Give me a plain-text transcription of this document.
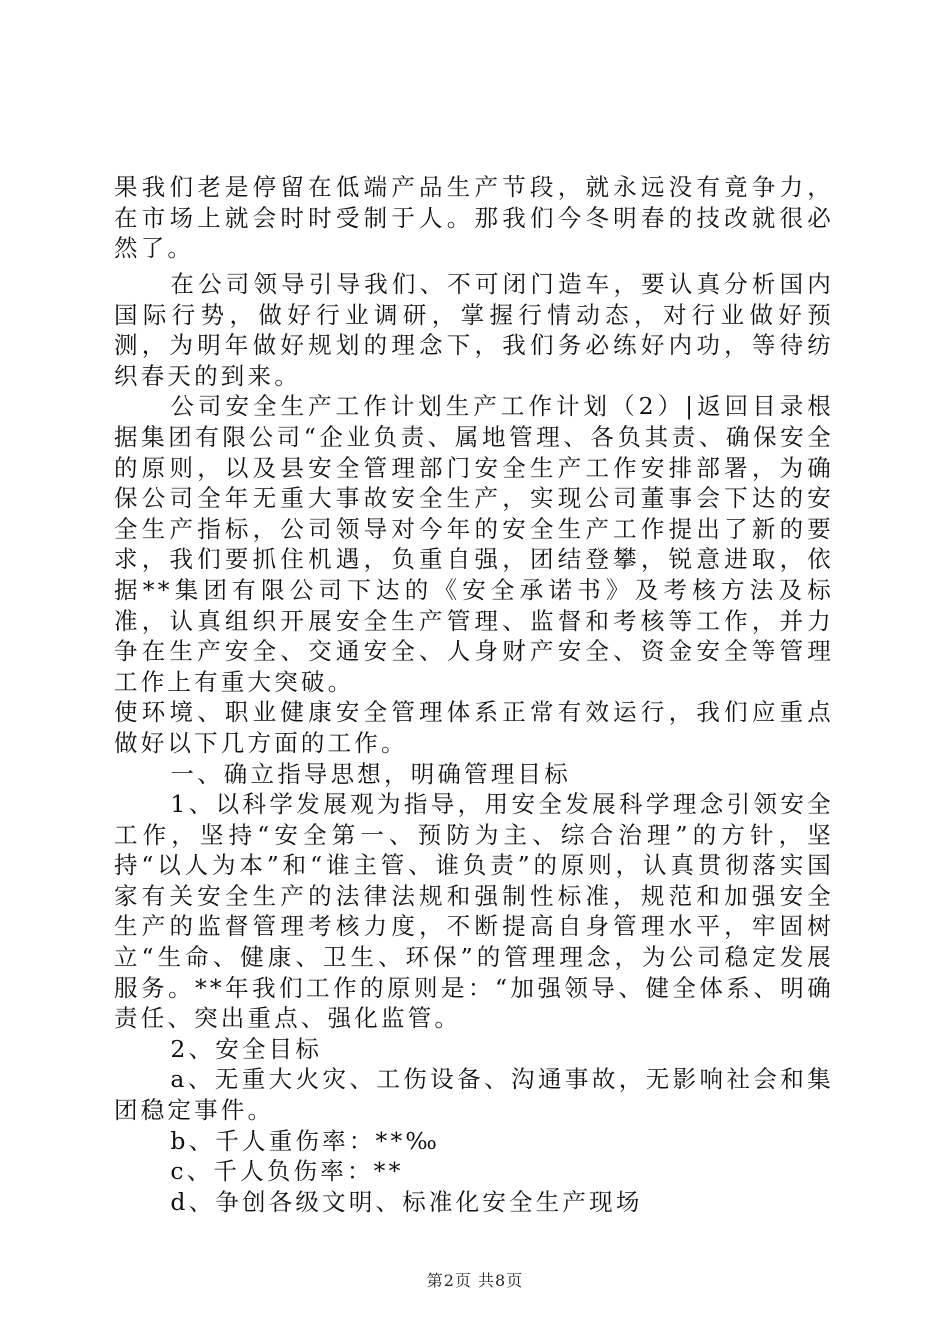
果我们老是停留在低端产品生产节段，就永远没有竟争力，在市场上就会时时受制于人。那我们今冬明春的技改就很必然了。

在公司领导引导我们、不可闭门造车，要认真分析国内国际行势，做好行业调研，掌握行情动态，对行业做好预测，为明年做好规划的理念下，我们务必练好内功，等待纺织春天的到来。

公司安全生产工作计划生产工作计划（2）|返回目录根据集团有限公司“企业负责、属地管理、各负其责、确保安全的原则，以及县安全管理部门安全生产工作安排部署，为确保公司全年无重大事故安全生产，实现公司董事会下达的安全生产指标，公司领导对今年的安全生产工作提出了新的要求，我们要抓住机遇，负重自强，团结登攀，锐意进取，依据**集团有限公司下达的《安全承诺书》及考核方法及标准，认真组织开展安全生产管理、监督和考核等工作，并力争在生产安全、交通安全、人身财产安全、资金安全等管理工作上有重大突破。

使环境、职业健康安全管理体系正常有效运行，我们应重点做好以下几方面的工作。

一、确立指导思想，明确管理目标

1、以科学发展观为指导，用安全发展科学理念引领安全工作，坚持“安全第一、预防为主、综合治理”的方针，坚持“以人为本”和“谁主管、谁负责”的原则，认真贯彻落实国家有关安全生产的法律法规和强制性标准，规范和加强安全生产的监督管理考核力度，不断提高自身管理水平，牢固树立“生命、健康、卫生、环保”的管理理念，为公司稳定发展服务。**年我们工作的原则是：“加强领导、健全体系、明确责任、突出重点、强化监管。

2、安全目标

a、无重大火灾、工伤设备、沟通事故，无影响社会和集团稳定事件。

b、千人重伤率：**‰

c、千人负伤率：**

d、争创各级文明、标准化安全生产现场

第2页 共8页
